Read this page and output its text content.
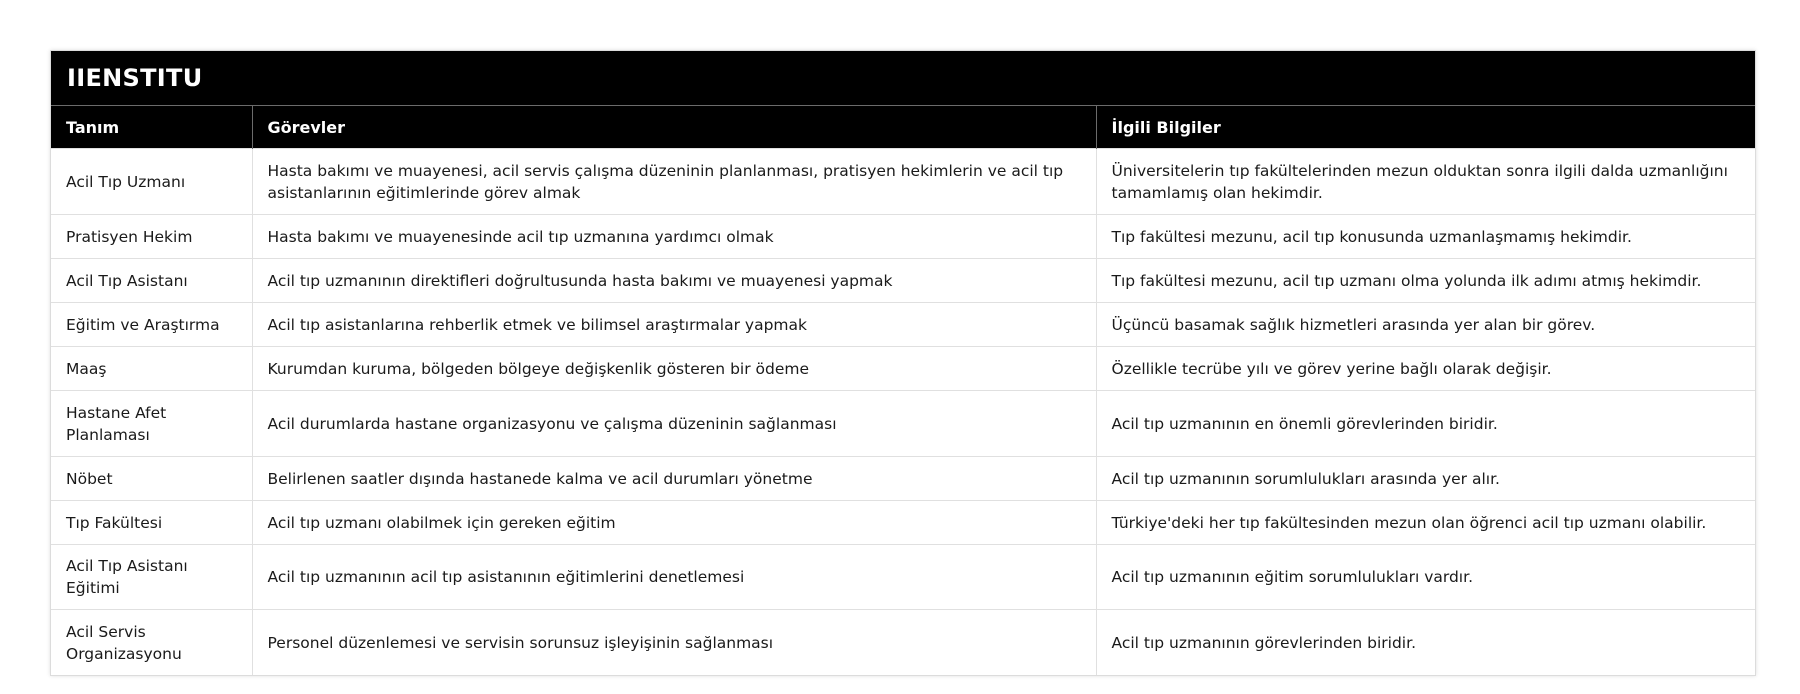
IIENSTITU
Tanım	Görevler	İlgili Bilgiler
Acil Tıp Uzmanı	Hasta bakımı ve muayenesi, acil servis çalışma düzeninin planlanması, pratisyen hekimlerin ve acil tıp asistanlarının eğitimlerinde görev almak	Üniversitelerin tıp fakültelerinden mezun olduktan sonra ilgili dalda uzmanlığını tamamlamış olan hekimdir.
Pratisyen Hekim	Hasta bakımı ve muayenesinde acil tıp uzmanına yardımcı olmak	Tıp fakültesi mezunu, acil tıp konusunda uzmanlaşmamış hekimdir.
Acil Tıp Asistanı	Acil tıp uzmanının direktifleri doğrultusunda hasta bakımı ve muayenesi yapmak	Tıp fakültesi mezunu, acil tıp uzmanı olma yolunda ilk adımı atmış hekimdir.
Eğitim ve Araştırma	Acil tıp asistanlarına rehberlik etmek ve bilimsel araştırmalar yapmak	Üçüncü basamak sağlık hizmetleri arasında yer alan bir görev.
Maaş	Kurumdan kuruma, bölgeden bölgeye değişkenlik gösteren bir ödeme	Özellikle tecrübe yılı ve görev yerine bağlı olarak değişir.
Hastane Afet Planlaması	Acil durumlarda hastane organizasyonu ve çalışma düzeninin sağlanması	Acil tıp uzmanının en önemli görevlerinden biridir.
Nöbet	Belirlenen saatler dışında hastanede kalma ve acil durumları yönetme	Acil tıp uzmanının sorumlulukları arasında yer alır.
Tıp Fakültesi	Acil tıp uzmanı olabilmek için gereken eğitim	Türkiye'deki her tıp fakültesinden mezun olan öğrenci acil tıp uzmanı olabilir.
Acil Tıp Asistanı Eğitimi	Acil tıp uzmanının acil tıp asistanının eğitimlerini denetlemesi	Acil tıp uzmanının eğitim sorumlulukları vardır.
Acil Servis Organizasyonu	Personel düzenlemesi ve servisin sorunsuz işleyişinin sağlanması	Acil tıp uzmanının görevlerinden biridir.
